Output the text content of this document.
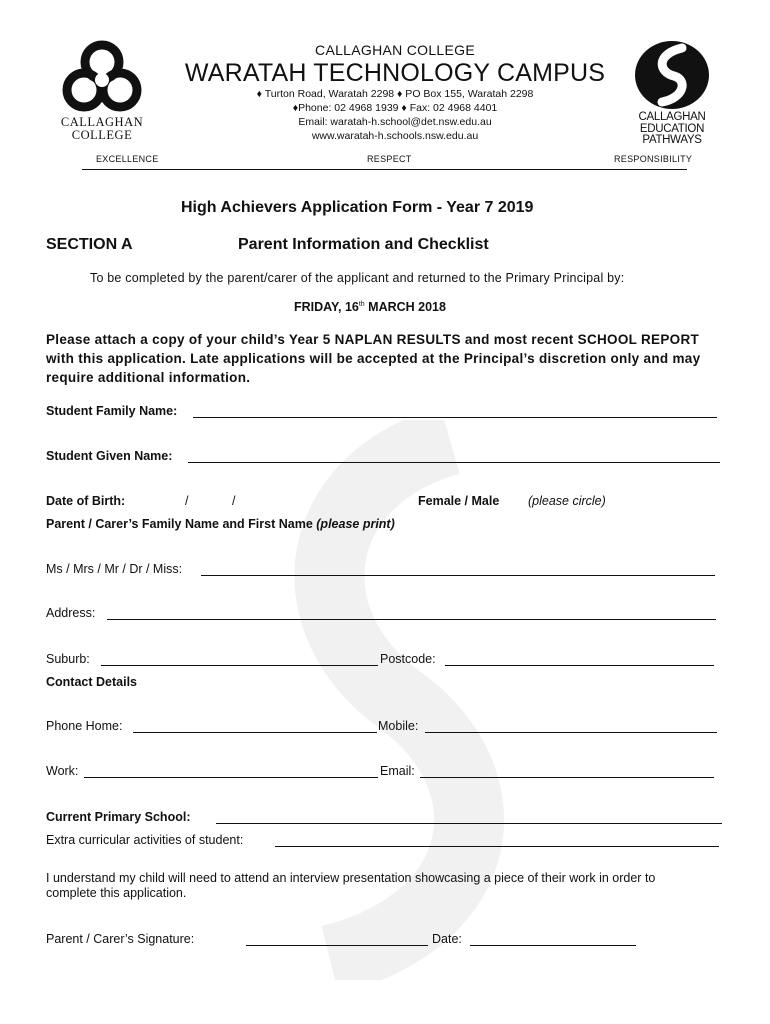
CALLAGHAN
COLLEGE
CALLAGHAN COLLEGE
WARATAH TECHNOLOGY CAMPUS
♦ Turton Road, Waratah 2298 ♦ PO Box 155, Waratah 2298
♦Phone: 02 4968 1939 ♦ Fax: 02 4968 4401
Email: waratah-h.school@det.nsw.edu.au
www.waratah-h.schools.nsw.edu.au
CALLAGHAN
EDUCATION
PATHWAYS
EXCELLENCE	RESPECT	RESPONSIBILITY
High Achievers Application Form - Year 7 2019
SECTION A	Parent Information and Checklist
To be completed by the parent/carer of the applicant and returned to the Primary Principal by:
FRIDAY, 16th MARCH 2018
Please attach a copy of your child’s Year 5 NAPLAN RESULTS and most recent SCHOOL REPORT with this application. Late applications will be accepted at the Principal’s discretion only and may require additional information.
Student Family Name:
Student Given Name:
Date of Birth:	/	/	Female / Male (please circle)
Parent / Carer’s Family Name and First Name (please print)
Ms / Mrs / Mr / Dr / Miss:
Address:
Suburb:	Postcode:
Contact Details
Phone Home:	Mobile:
Work:	Email:
Current Primary School:
Extra curricular activities of student:
I understand my child will need to attend an interview presentation showcasing a piece of their work in order to complete this application.
Parent / Carer’s Signature:	Date:
